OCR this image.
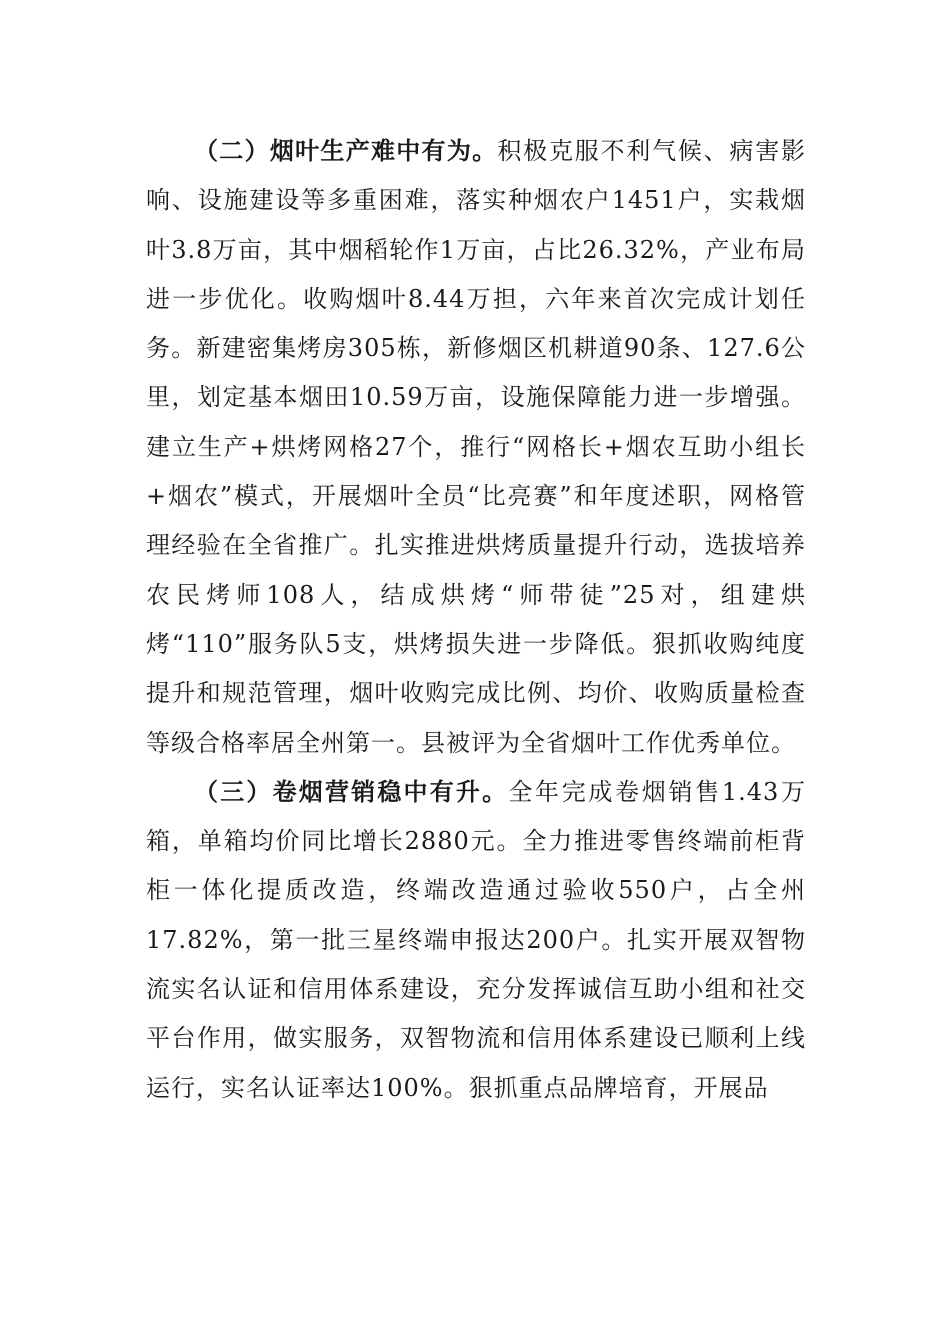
（二）烟叶生产难中有为。积极克服不利气候、病害影响、设施建设等多重困难，落实种烟农户1451户，实栽烟叶3.8万亩，其中烟稻轮作1万亩，占比26.32%，产业布局进一步优化。收购烟叶8.44万担，六年来首次完成计划任务。新建密集烤房305栋，新修烟区机耕道90条、127.6公里，划定基本烟田10.59万亩，设施保障能力进一步增强。建立生产+烘烤网格27个，推行“网格长+烟农互助小组长+烟农”模式，开展烟叶全员“比亮赛”和年度述职，网格管理经验在全省推广。扎实推进烘烤质量提升行动，选拔培养农民烤师108人，结成烘烤“师带徒”25对，组建烘烤“110”服务队5支，烘烤损失进一步降低。狠抓收购纯度提升和规范管理，烟叶收购完成比例、均价、收购质量检查等级合格率居全州第一。县被评为全省烟叶工作优秀单位。

（三）卷烟营销稳中有升。全年完成卷烟销售1.43万箱，单箱均价同比增长2880元。全力推进零售终端前柜背柜一体化提质改造，终端改造通过验收550户，占全州17.82%，第一批三星终端申报达200户。扎实开展双智物流实名认证和信用体系建设，充分发挥诚信互助小组和社交平台作用，做实服务，双智物流和信用体系建设已顺利上线运行，实名认证率达100%。狠抓重点品牌培育，开展品
